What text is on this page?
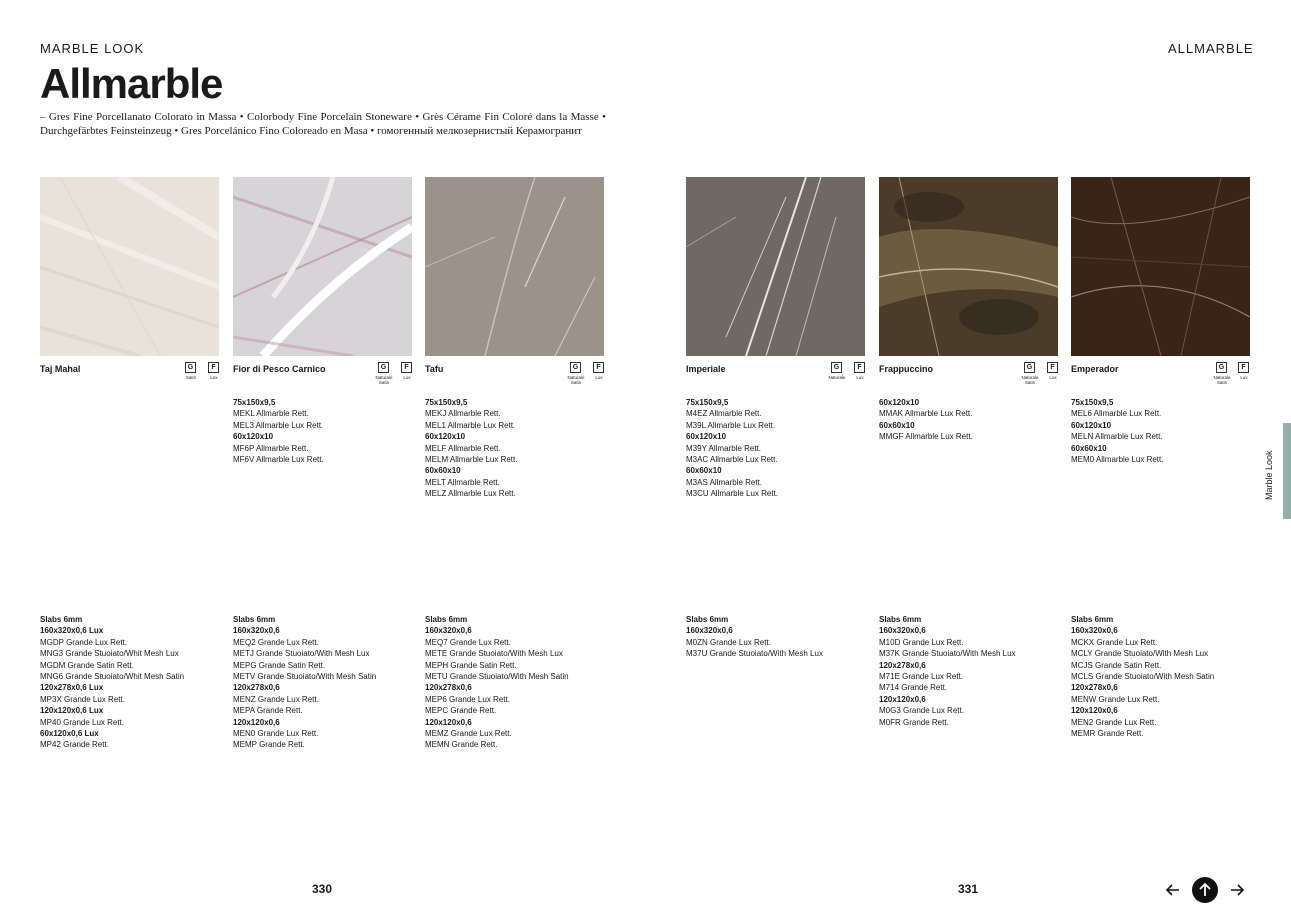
MARBLE LOOK	ALLMARBLE
Allmarble
– Gres Fine Porcellanato Colorato in Massa • Colorbody Fine Porcelain Stoneware • Grès Cérame Fin Coloré dans la Masse • Durchgefärbtes Feinsteinzeug • Gres Porcelánico Fino Coloreado en Masa • гомогенный мелкозернистый Керамогранит
Taj Mahal	G
Satin
F
Lux
Fior di Pesco Carnico	G
Naturale Satin
F
Lux
Tafu	G
Naturale Satin
F
Lux
Imperiale	G
Naturale
F
Lux
Frappuccino	G
Naturale Satin
F
Lux
Emperador	G
Naturale Satin
F
Lux
75x150x9,5
MEKL Allmarble Rett.
MEL3 Allmarble Lux Rett.
60x120x10
MF6P Allmarble Rett.
MF6V Allmarble Lux Rett.
75x150x9,5
MEKJ Allmarble Rett.
MEL1 Allmarble Lux Rett.
60x120x10
MELF Allmarble Rett.
MELM Allmarble Lux Rett.
60x60x10
MELT Allmarble Rett.
MELZ Allmarble Lux Rett.
75x150x9,5
M4EZ Allmarble Rett.
M39L Allmarble Lux Rett.
60x120x10
M39Y Allmarble Rett.
M3AC Allmarble Lux Rett.
60x60x10
M3AS Allmarble Rett.
M3CU Allmarble Lux Rett.
60x120x10
MMAK Allmarble Lux Rett.
60x60x10
MMGF Allmarble Lux Rett.
75x150x9,5
MEL6 Allmarble Lux Rett.
60x120x10
MELN Allmarble Lux Rett.
60x60x10
MEM0 Allmarble Lux Rett.
Slabs 6mm
160x320x0,6 Lux
MGDP Grande Lux Rett.
MNG3 Grande Stuoiato/Whit Mesh Lux
MGDM Grande Satin Rett.
MNG6 Grande Stuoiato/Whit Mesh Satin
120x278x0,6 Lux
MP3X Grande Lux Rett.
120x120x0,6 Lux
MP40 Grande Lux Rett.
60x120x0,6 Lux
MP42 Grande Rett.
Slabs 6mm
160x320x0,6
MEQ2 Grande Lux Rett.
METJ Grande Stuoiato/With Mesh Lux
MEPG Grande Satin Rett.
METV Grande Stuoiato/With Mesh Satin
120x278x0,6
MENZ Grande Lux Rett.
MEPA Grande Rett.
120x120x0,6
MEN0 Grande Lux Rett.
MEMP Grande Rett.
Slabs 6mm
160x320x0,6
MEQ7 Grande Lux Rett.
METE Grande Stuoiato/With Mesh Lux
MEPH Grande Satin Rett.
METU Grande Stuoiato/With Mesh Satin
120x278x0,6
MEP6 Grande Lux Rett.
MEPC Grande Rett.
120x120x0,6
MEMZ Grande Lux Rett.
MEMN Grande Rett.
Slabs 6mm
160x320x0,6
M0ZN Grande Lux Rett.
M37U Grande Stuoiato/With Mesh Lux
Slabs 6mm
160x320x0,6
M10D Grande Lux Rett.
M37K Grande Stuoiato/With Mesh Lux
120x278x0,6
M71E Grande Lux Rett.
M714 Grande Rett.
120x120x0,6
M0G3 Grande Lux Rett.
M0FR Grande Rett.
Slabs 6mm
160x320x0,6
MCKX Grande Lux Rett.
MCLY Grande Stuoiato/With Mesh Lux
MCJS Grande Satin Rett.
MCLS Grande Stuoiato/With Mesh Satin
120x278x0,6
MENW Grande Lux Rett.
120x120x0,6
MEN2 Grande Lux Rett.
MEMR Grande Rett.
Marble Look
330	331
